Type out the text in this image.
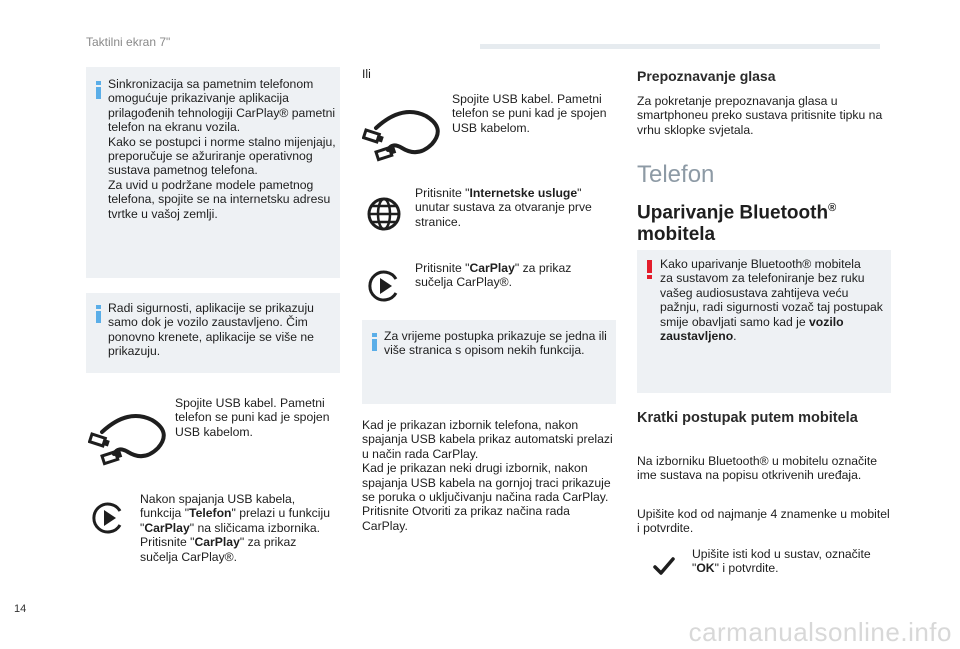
Taktilni ekran 7"
Sinkronizacija sa pametnim telefonom
omogućuje prikazivanje aplikacija
prilagođenih tehnologiji CarPlay® pametni
telefon na ekranu vozila.
Kako se postupci i norme stalno mijenjaju,
preporučuje se ažuriranje operativnog
sustava pametnog telefona.
Za uvid u podržane modele pametnog
telefona, spojite se na internetsku adresu
tvrtke u vašoj zemlji.
Radi sigurnosti, aplikacije se prikazuju
samo dok je vozilo zaustavljeno. Čim
ponovno krenete, aplikacije se više ne
prikazuju.
Spojite USB kabel. Pametni
telefon se puni kad je spojen
USB kabelom.
Nakon spajanja USB kabela,
funkcija "Telefon" prelazi u funkciju
"CarPlay" na sličicama izbornika.
Pritisnite "CarPlay" za prikaz
sučelja CarPlay®.
Ili
Spojite USB kabel. Pametni
telefon se puni kad je spojen
USB kabelom.
Pritisnite "Internetske usluge"
unutar sustava za otvaranje prve
stranice.
Pritisnite "CarPlay" za prikaz
sučelja CarPlay®.
Za vrijeme postupka prikazuje se jedna ili
više stranica s opisom nekih funkcija.
Kad je prikazan izbornik telefona, nakon
spajanja USB kabela prikaz automatski prelazi
u način rada CarPlay.
Kad je prikazan neki drugi izbornik, nakon
spajanja USB kabela na gornjoj traci prikazuje
se poruka o uključivanju načina rada CarPlay.
Pritisnite Otvoriti za prikaz načina rada
CarPlay.
Prepoznavanje glasa
Za pokretanje prepoznavanja glasa u
smartphoneu preko sustava pritisnite tipku na
vrhu sklopke svjetala.
Telefon
Uparivanje Bluetooth®
mobitela
Kako uparivanje Bluetooth® mobitela
za sustavom za telefoniranje bez ruku
vašeg audiosustava zahtijeva veću
pažnju, radi sigurnosti vozač taj postupak
smije obavljati samo kad je vozilo
zaustavljeno.
Kratki postupak putem mobitela
Na izborniku Bluetooth® u mobitelu označite
ime sustava na popisu otkrivenih uređaja.
Upišite kod od najmanje 4 znamenke u mobitel
i potvrdite.
Upišite isti kod u sustav, označite
"OK" i potvrdite.
14
carmanualsonline.info
